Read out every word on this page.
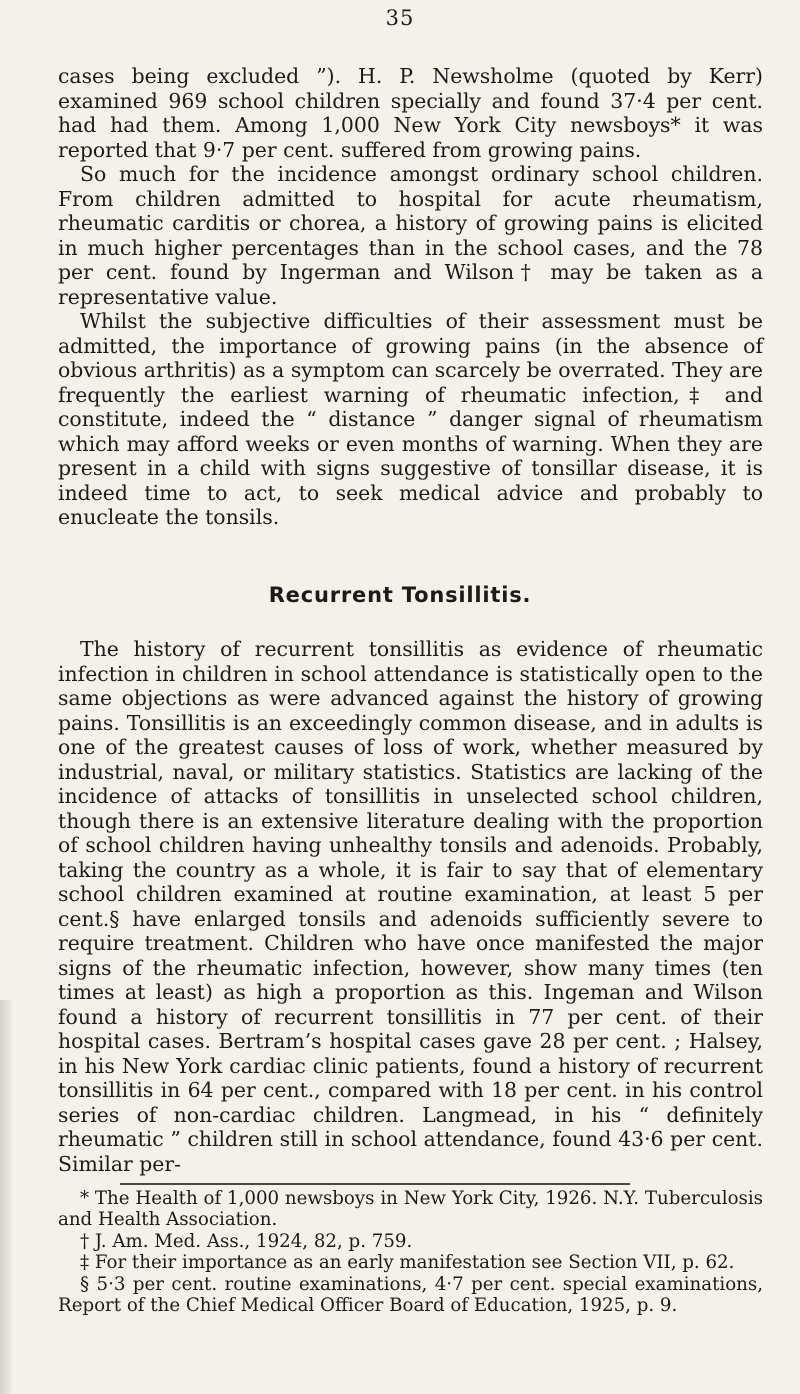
35

cases being excluded ”). H. P. Newsholme (quoted by Kerr) examined 969 school children specially and found 37·4 per cent. had had them. Among 1,000 New York City newsboys* it was reported that 9·7 per cent. suffered from growing pains.

So much for the incidence amongst ordinary school children. From children admitted to hospital for acute rheumatism, rheumatic carditis or chorea, a history of growing pains is elicited in much higher percentages than in the school cases, and the 78 per cent. found by Ingerman and Wilson† may be taken as a representative value.

Whilst the subjective difficulties of their assessment must be admitted, the importance of growing pains (in the absence of obvious arthritis) as a symptom can scarcely be overrated. They are frequently the earliest warning of rheumatic infection,‡ and constitute, indeed the “ distance ” danger signal of rheumatism which may afford weeks or even months of warning. When they are present in a child with signs suggestive of tonsillar disease, it is indeed time to act, to seek medical advice and probably to enucleate the tonsils.

Recurrent Tonsillitis.

The history of recurrent tonsillitis as evidence of rheumatic infection in children in school attendance is statistically open to the same objections as were advanced against the history of growing pains. Tonsillitis is an exceedingly common disease, and in adults is one of the greatest causes of loss of work, whether measured by industrial, naval, or military statistics. Statistics are lacking of the incidence of attacks of tonsillitis in unselected school children, though there is an extensive literature dealing with the proportion of school children having unhealthy tonsils and adenoids. Probably, taking the country as a whole, it is fair to say that of elementary school children examined at routine examination, at least 5 per cent.§ have enlarged tonsils and adenoids sufficiently severe to require treatment. Children who have once manifested the major signs of the rheumatic infection, however, show many times (ten times at least) as high a proportion as this. Ingeman and Wilson found a history of recurrent tonsillitis in 77 per cent. of their hospital cases. Bertram’s hospital cases gave 28 per cent. ; Halsey, in his New York cardiac clinic patients, found a history of recurrent tonsillitis in 64 per cent., compared with 18 per cent. in his control series of non-cardiac children. Langmead, in his “ definitely rheumatic ” children still in school attendance, found 43·6 per cent. Similar per-

* The Health of 1,000 newsboys in New York City, 1926. N.Y. Tuberculosis and Health Association.

† J. Am. Med. Ass., 1924, 82, p. 759.

‡ For their importance as an early manifestation see Section VII, p. 62.

§ 5·3 per cent. routine examinations, 4·7 per cent. special examinations, Report of the Chief Medical Officer Board of Education, 1925, p. 9.
